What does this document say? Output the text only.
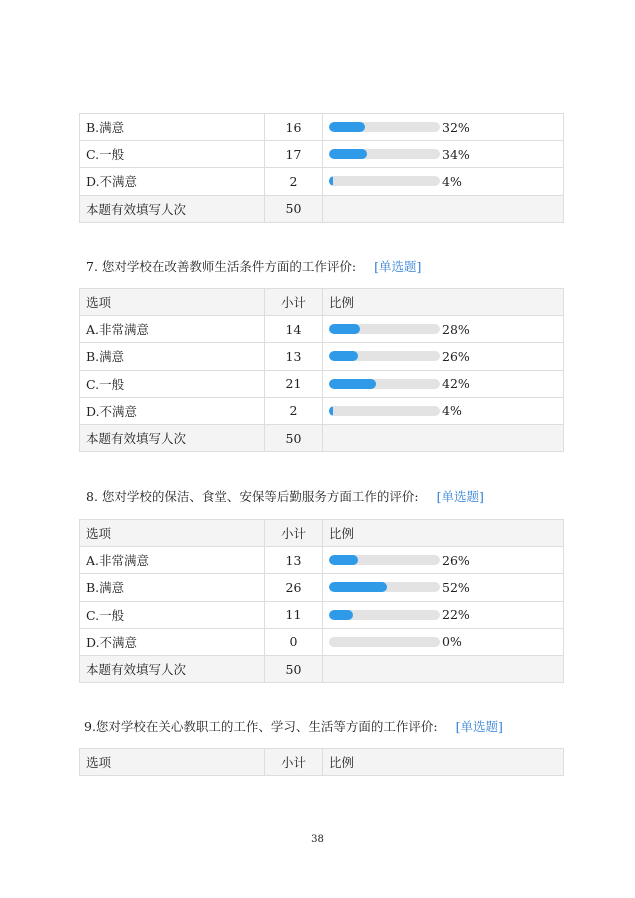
B.满意	16	32%

C.一般	17	34%

D.不满意	2	4%

本题有效填写人次	50	
7. 您对学校在改善教师生活条件方面的工作评价: [单选题]
选项	小计	比例
A.非常满意	14	28%

B.满意	13	26%

C.一般	21	42%

D.不满意	2	4%

本题有效填写人次	50	
8. 您对学校的保洁、食堂、安保等后勤服务方面工作的评价: [单选题]
选项	小计	比例
A.非常满意	13	26%

B.满意	26	52%

C.一般	11	22%

D.不满意	0	0%

本题有效填写人次	50	
9.您对学校在关心教职工的工作、学习、生活等方面的工作评价: [单选题]
选项	小计	比例
38
